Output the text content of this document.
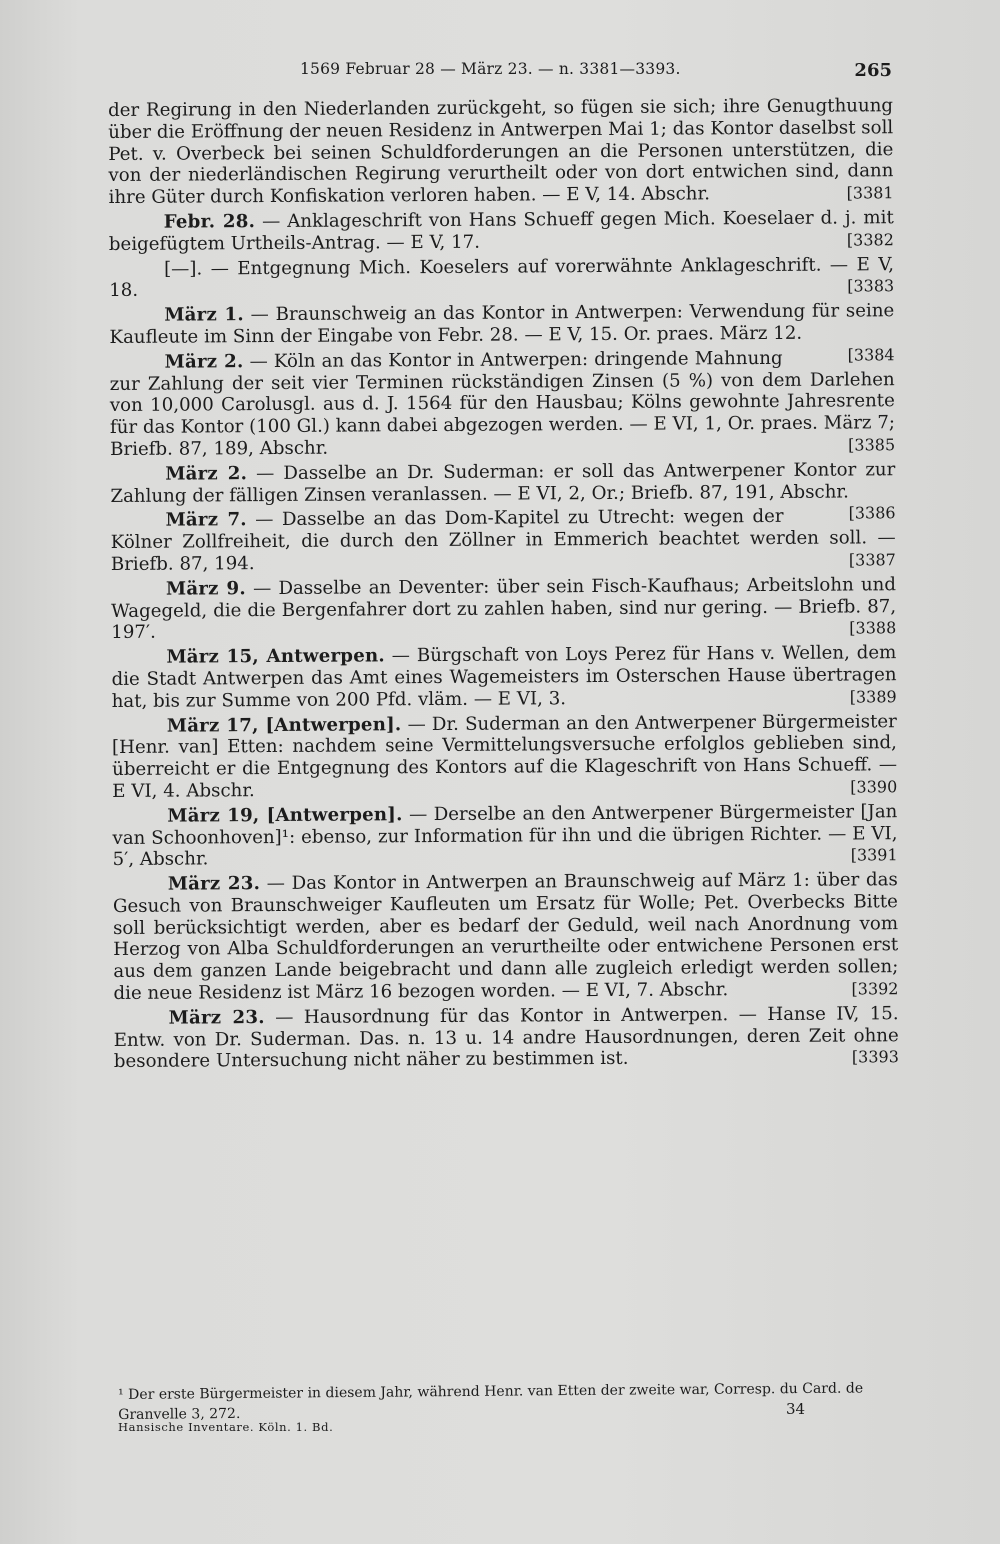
1569 Februar 28 — März 23. — n. 3381—3393.	265

der Regirung in den Niederlanden zurückgeht, so fügen sie sich; ihre Genugthuung über die Eröffnung der neuen Residenz in Antwerpen Mai 1; das Kontor daselbst soll Pet. v. Overbeck bei seinen Schuldforderungen an die Personen unterstützen, die von der niederländischen Regirung verurtheilt oder von dort entwichen sind, dann ihre Güter durch Konfiskation verloren haben. — E V, 14. Abschr.	[ 3381

Febr. 28. — Anklageschrift von Hans Schueff gegen Mich. Koeselaer d. j. mit beigefügtem Urtheils-Antrag. — E V, 17.	[ 3382

[—]. — Entgegnung Mich. Koeselers auf vorerwähnte Anklageschrift. — E V, 18.	[ 3383

März 1. — Braunschweig an das Kontor in Antwerpen: Verwendung für seine Kaufleute im Sinn der Eingabe von Febr. 28. — E V, 15. Or. praes. März 12.
[ 3384

März 2. — Köln an das Kontor in Antwerpen: dringende Mahnung zur Zahlung der seit vier Terminen rückständigen Zinsen (5 %) von dem Darlehen von 10,000 Carolusgl. aus d. J. 1564 für den Hausbau; Kölns gewohnte Jahresrente für das Kontor (100 Gl.) kann dabei abgezogen werden. — E VI, 1, Or. praes. März 7; Briefb. 87, 189, Abschr.	[ 3385

März 2. — Dasselbe an Dr. Suderman: er soll das Antwerpener Kontor zur Zahlung der fälligen Zinsen veranlassen. — E VI, 2, Or.; Briefb. 87, 191, Abschr.
[ 3386

März 7. — Dasselbe an das Dom-Kapitel zu Utrecht: wegen der Kölner Zollfreiheit, die durch den Zöllner in Emmerich beachtet werden soll. — Briefb. 87, 194.	[ 3387

März 9. — Dasselbe an Deventer: über sein Fisch-Kaufhaus; Arbeitslohn und Wagegeld, die die Bergenfahrer dort zu zahlen haben, sind nur gering. — Briefb. 87, 197′.	[ 3388

März 15, Antwerpen. — Bürgschaft von Loys Perez für Hans v. Wellen, dem die Stadt Antwerpen das Amt eines Wagemeisters im Osterschen Hause übertragen hat, bis zur Summe von 200 Pfd. vläm. — E VI, 3.	[ 3389

März 17, [Antwerpen]. — Dr. Suderman an den Antwerpener Bürgermeister [Henr. van] Etten: nachdem seine Vermittelungsversuche erfolglos geblieben sind, überreicht er die Entgegnung des Kontors auf die Klageschrift von Hans Schueff. — E VI, 4. Abschr.	[ 3390

März 19, [Antwerpen]. — Derselbe an den Antwerpener Bürgermeister [Jan van Schoonhoven]¹: ebenso, zur Information für ihn und die übrigen Richter. — E VI, 5′, Abschr.	[ 3391

März 23. — Das Kontor in Antwerpen an Braunschweig auf März 1: über das Gesuch von Braunschweiger Kaufleuten um Ersatz für Wolle; Pet. Overbecks Bitte soll berücksichtigt werden, aber es bedarf der Geduld, weil nach Anordnung vom Herzog von Alba Schuldforderungen an verurtheilte oder entwichene Personen erst aus dem ganzen Lande beigebracht und dann alle zugleich erledigt werden sollen; die neue Residenz ist März 16 bezogen worden. — E VI, 7. Abschr.	[ 3392

März 23. — Hausordnung für das Kontor in Antwerpen. — Hanse IV, 15. Entw. von Dr. Suderman. Das. n. 13 u. 14 andre Hausordnungen, deren Zeit ohne besondere Untersuchung nicht näher zu bestimmen ist.	[ 3393

¹ Der erste Bürgermeister in diesem Jahr, während Henr. van Etten der zweite war, Corresp. du Card. de Granvelle 3, 272.	34
Hansische Inventare. Köln. 1. Bd.
